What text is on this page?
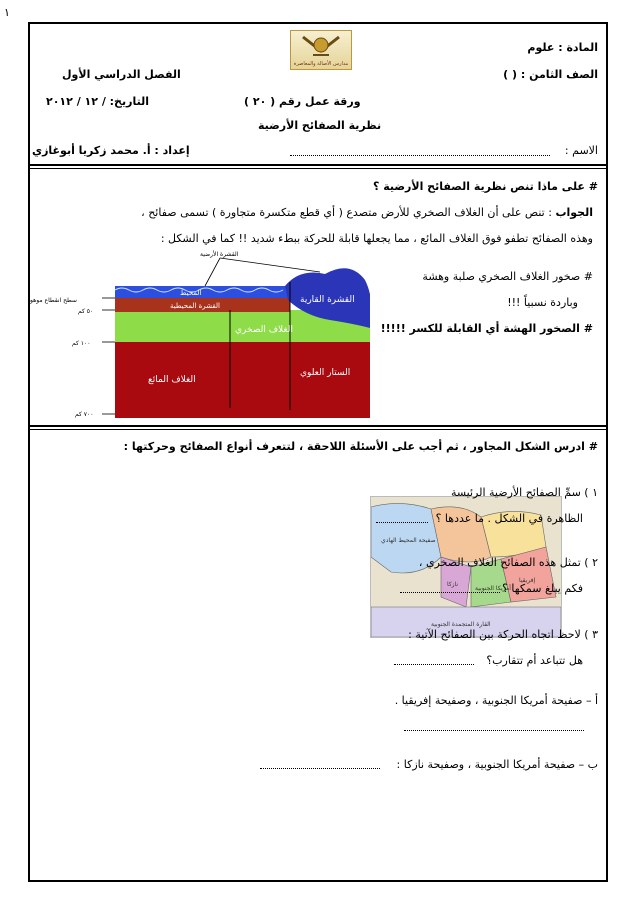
١
مدارس الأصالة والمعاصرة
المادة : علوم
الصف الثامن : ( )
الفصل الدراسي الأول
ورقة عمل رقم ( ٢٠ )
التاريخ: / ١٢ / ٢٠١٢
نظرية الصفائح الأرضية
الاسم :
إعداد : أ. محمد زكريا أبوغازي
# على ماذا تنص نظرية الصفائح الأرضية ؟
الجواب : تنص على أن الغلاف الصخري للأرض متصدع ( أي قطع متكسرة متجاورة ) تسمى صفائح ،
وهذه الصفائح تطفو فوق الغلاف المائع ، مما يجعلها قابلة للحركة ببطء شديد !! كما في الشكل :
# صخور الغلاف الصخري صلبة وهشة
وباردة نسبياً !!!
# الصخور الهشة أي القابلة للكسر !!!!!
القشرة الأرضية
المحيط
القشرة المحيطية
القشرة القارية
الغلاف الصخري
الستار العلوي
الغلاف المائع
سطح انقطاع موهو
٥٠ كم
١٠٠ كم
٧٠٠ كم
# ادرس الشكل المجاور ، ثم أجب على الأسئلة اللاحقة ، لتتعرف أنواع الصفائح وحركتها :
صفيحة المحيط الهادي
إفريقيا
أمريكا الجنوبية
نازكا
القارة المتجمدة الجنوبية
١ ) سمِّ الصفائح الأرضية الرئيسة
الظاهرة في الشكل . ما عددها ؟
٢ ) تمثل هذه الصفائح الغلاف الصخري ،
فكم يبلغ سمكها ؟
٣ ) لاحظ اتجاه الحركة بين الصفائح الآتية :
هل تتباعد أم تتقارب؟
أ – صفيحة أمريكا الجنوبية ، وصفيحة إفريقيا .
ب – صفيحة أمريكا الجنوبية ، وصفيحة نازكا :
